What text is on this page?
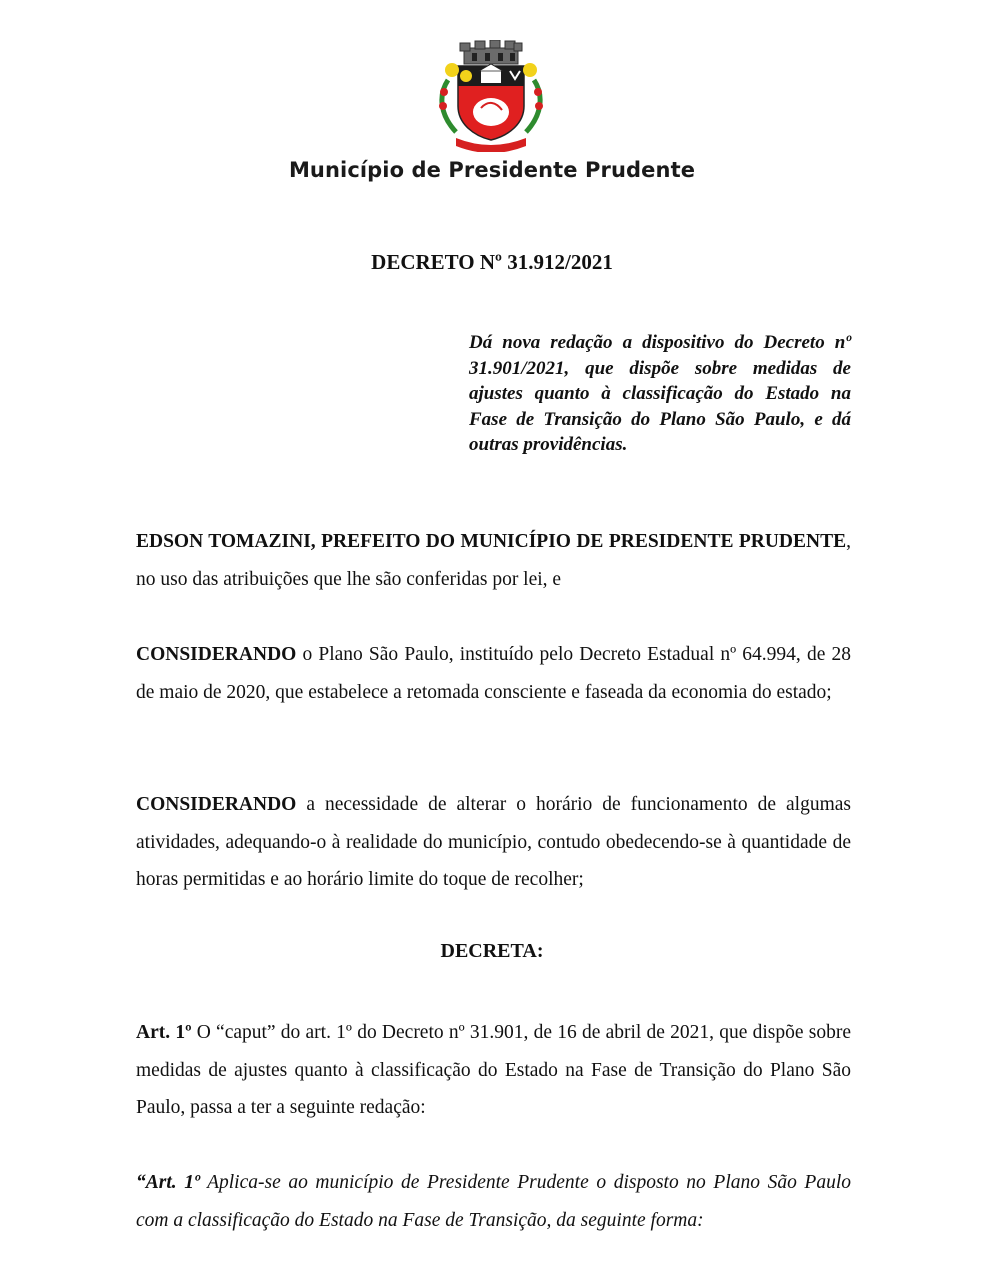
Município de Presidente Prudente
DECRETO Nº 31.912/2021

Dá nova redação a dispositivo do Decreto nº 31.901/2021, que dispõe sobre medidas de ajustes quanto à classificação do Estado na Fase de Transição do Plano São Paulo, e dá outras providências.

EDSON TOMAZINI, PREFEITO DO MUNICÍPIO DE PRESIDENTE PRUDENTE, no uso das atribuições que lhe são conferidas por lei, e

CONSIDERANDO o Plano São Paulo, instituído pelo Decreto Estadual nº 64.994, de 28 de maio de 2020, que estabelece a retomada consciente e faseada da economia do estado;

CONSIDERANDO a necessidade de alterar o horário de funcionamento de algumas atividades, adequando-o à realidade do município, contudo obedecendo-se à quantidade de horas permitidas e ao horário limite do toque de recolher;

DECRETA:

Art. 1º O “caput” do art. 1º do Decreto nº 31.901, de 16 de abril de 2021, que dispõe sobre medidas de ajustes quanto à classificação do Estado na Fase de Transição do Plano São Paulo, passa a ter a seguinte redação:

“Art. 1º Aplica-se ao município de Presidente Prudente o disposto no Plano São Paulo com a classificação do Estado na Fase de Transição, da seguinte forma:
